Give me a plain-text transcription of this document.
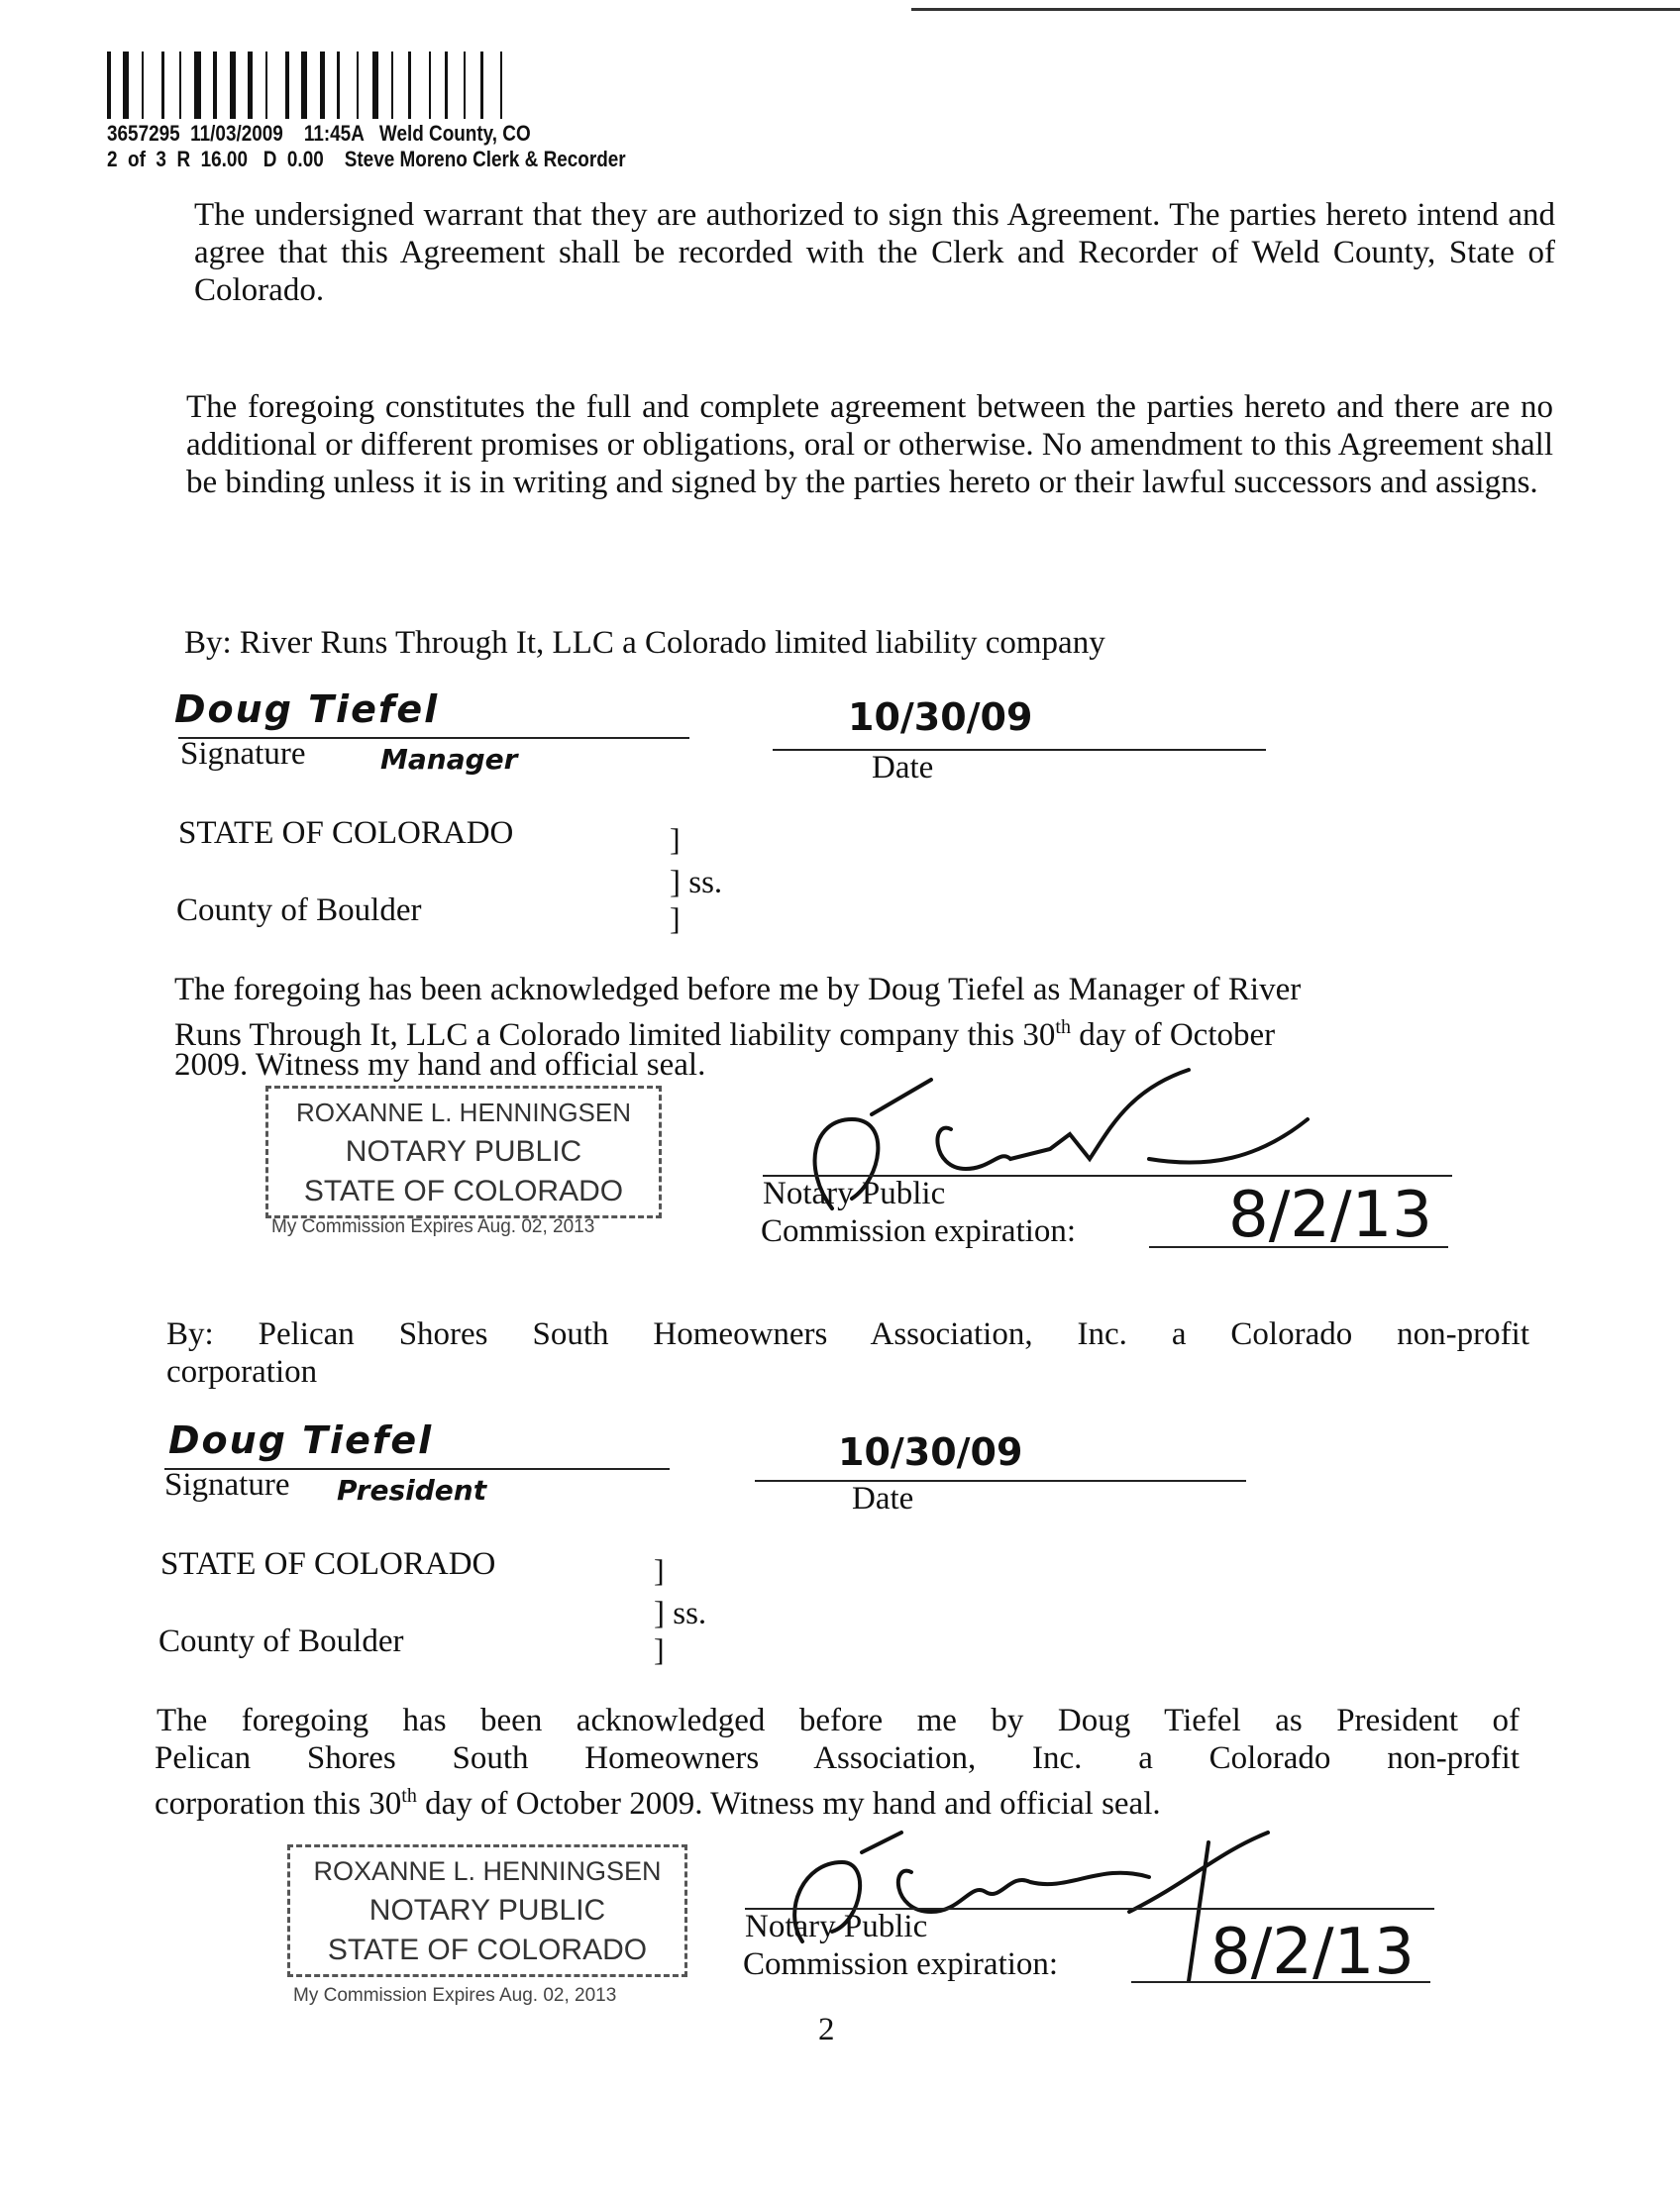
3657295  11/03/2009    11:45A   Weld County, CO
2  of  3  R  16.00   D  0.00    Steve Moreno Clerk & Recorder
The undersigned warrant that they are authorized to sign this Agreement. The parties hereto intend and agree that this Agreement shall be recorded with the Clerk and Recorder of Weld County, State of Colorado.
The foregoing constitutes the full and complete agreement between the parties hereto and there are no additional or different promises or obligations, oral or otherwise. No amendment to this Agreement shall be binding unless it is in writing and signed by the parties hereto or their lawful successors and assigns.
By: River Runs Through It, LLC a Colorado limited liability company
Doug Tiefel
Signature	Manager
10/30/09
Date
STATE OF COLORADO	]
] ss.
County of Boulder	]
The foregoing has been acknowledged before me by Doug Tiefel as Manager of River
Runs Through It, LLC a Colorado limited liability company this 30th day of October
2009. Witness my hand and official seal.
ROXANNE L. HENNINGSEN
NOTARY PUBLIC
STATE OF COLORADO
My Commission Expires Aug. 02, 2013
Notary Public
Commission expiration: 8/2/13
By: Pelican Shores South Homeowners Association, Inc. a Colorado non-profit
corporation
Doug Tiefel
Signature President
10/30/09
Date
STATE OF COLORADO	]
] ss.
County of Boulder	]
The foregoing has been acknowledged before me by Doug Tiefel as President of
Pelican Shores South Homeowners Association, Inc. a Colorado non-profit
corporation this 30th day of October 2009. Witness my hand and official seal.
ROXANNE L. HENNINGSEN
NOTARY PUBLIC
STATE OF COLORADO
My Commission Expires Aug. 02, 2013
Notary Public
Commission expiration: 8/2/13
2
